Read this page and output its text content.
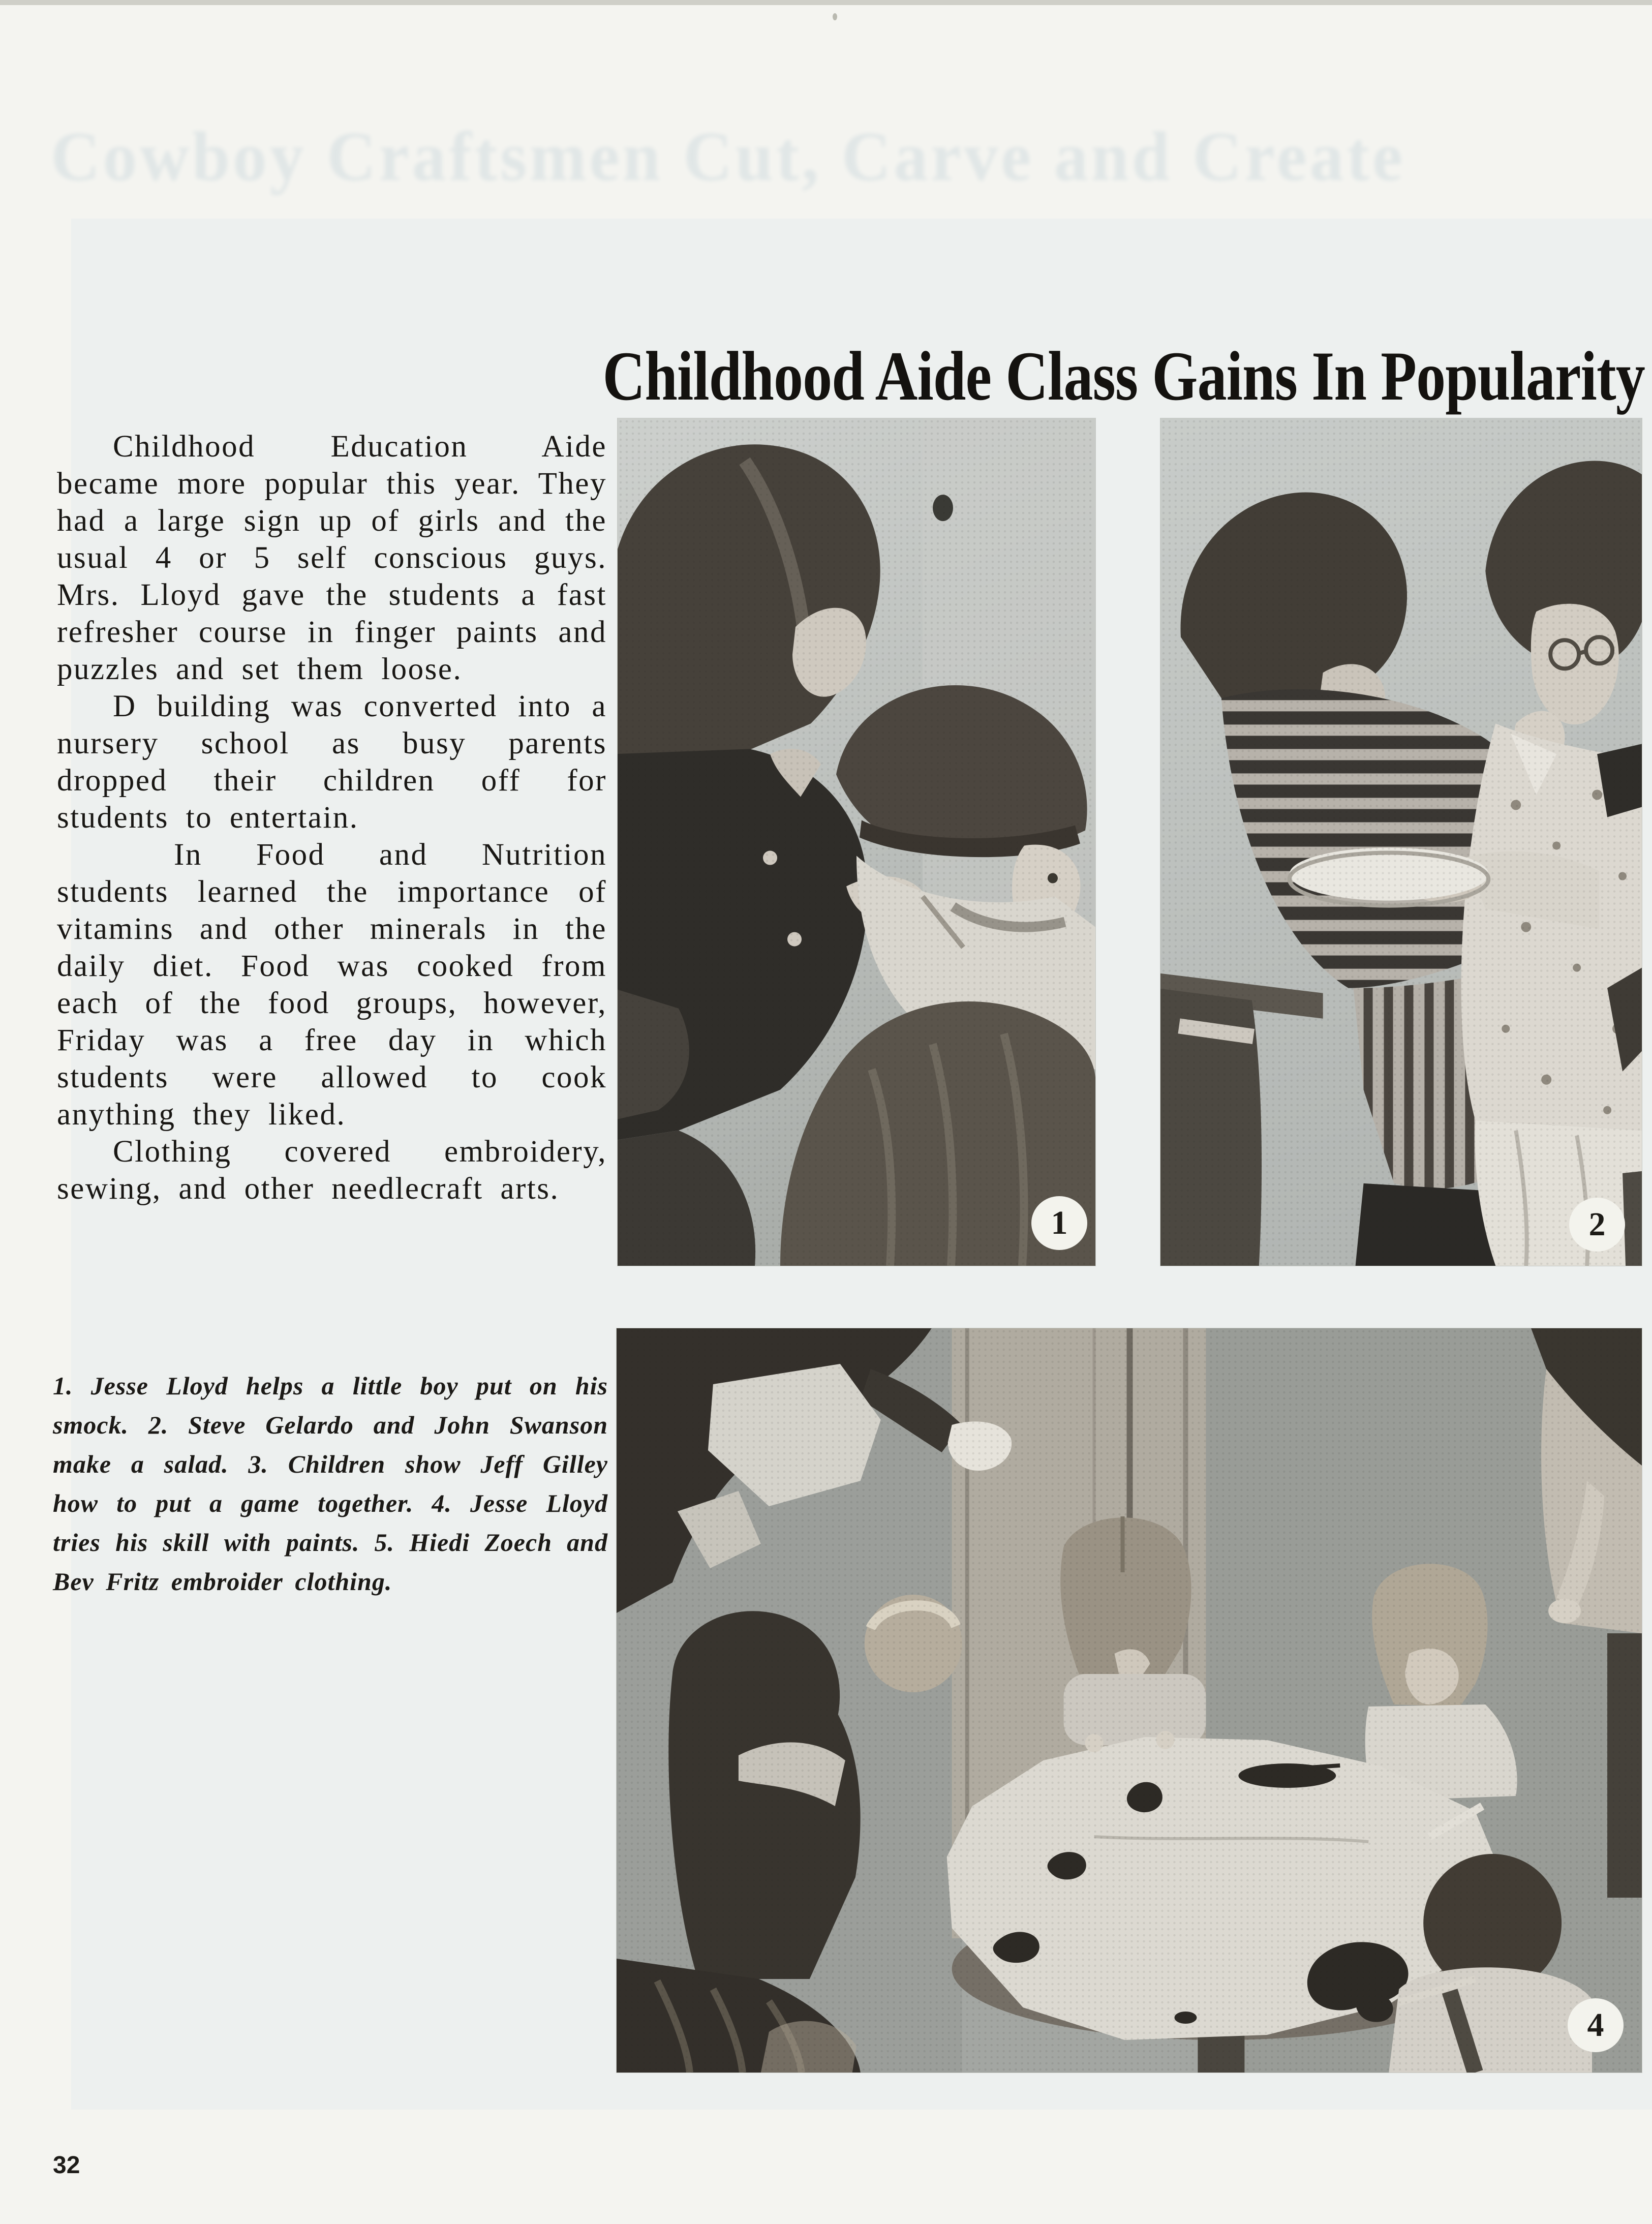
Cowboy Craftsmen Cut, Carve and Create
Childhood Aide Class Gains In Popularity

Childhood Education Aide became more popular this year. They had a large sign up of girls and the usual 4 or 5 self conscious guys. Mrs. Lloyd gave the students a fast refresher course in finger paints and puzzles and set them loose.

D building was converted into a nursery school as busy parents dropped their children off for students to entertain.

In Food and Nutrition students learned the importance of vitamins and other minerals in the daily diet. Food was cooked from each of the food groups, however, Friday was a free day in which students were allowed to cook anything they liked.

Clothing covered embroidery, sewing, and other needlecraft arts.

1. Jesse Lloyd helps a little boy put on his smock. 2. Steve Gelardo and John Swanson make a salad. 3. Children show Jeff Gilley how to put a game together. 4. Jesse Lloyd tries his skill with paints. 5. Hiedi Zoech and Bev Fritz embroider clothing.

1	2
4
32
